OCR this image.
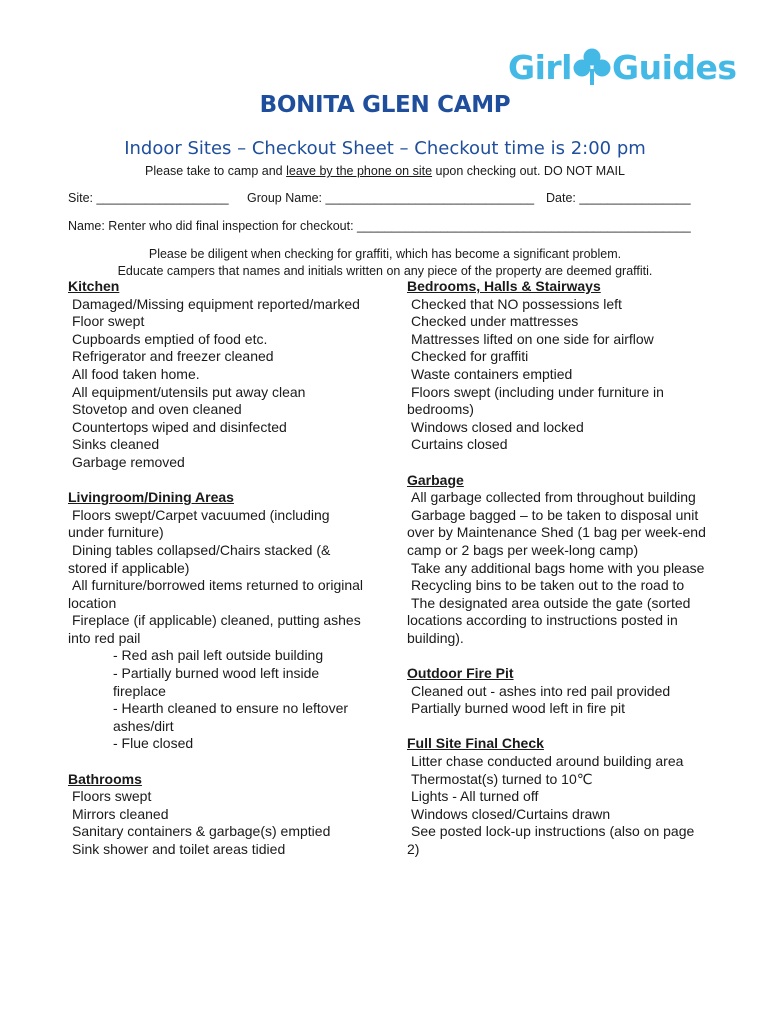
Girl Guides
BONITA GLEN CAMP
Indoor Sites – Checkout Sheet – Checkout time is 2:00 pm
Please take to camp and leave by the phone on site upon checking out. DO NOT MAIL
Site: ___________________ Group Name: ______________________________ Date: ________________
Name: Renter who did final inspection for checkout: ________________________________________________
Please be diligent when checking for graffiti, which has become a significant problem.
Educate campers that names and initials written on any piece of the property are deemed graffiti.
Kitchen
Damaged/Missing equipment reported/marked
Floor swept
Cupboards emptied of food etc.
Refrigerator and freezer cleaned
All food taken home.
All equipment/utensils put away clean
Stovetop and oven cleaned
Countertops wiped and disinfected
Sinks cleaned
Garbage removed
Livingroom/Dining Areas
Floors swept/Carpet vacuumed (including under furniture)
Dining tables collapsed/Chairs stacked (& stored if applicable)
All furniture/borrowed items returned to original location
Fireplace (if applicable) cleaned, putting ashes into red pail
- Red ash pail left outside building
- Partially burned wood left inside fireplace
- Hearth cleaned to ensure no leftover ashes/dirt
- Flue closed
Bathrooms
Floors swept
Mirrors cleaned
Sanitary containers & garbage(s) emptied
Sink shower and toilet areas tidied
Bedrooms, Halls & Stairways
Checked that NO possessions left
Checked under mattresses
Mattresses lifted on one side for airflow
Checked for graffiti
Waste containers emptied
Floors swept (including under furniture in bedrooms)
Windows closed and locked
Curtains closed
Garbage
All garbage collected from throughout building
Garbage bagged – to be taken to disposal unit over by Maintenance Shed (1 bag per week-end camp or 2 bags per week-long camp)
Take any additional bags home with you please
Recycling bins to be taken out to the road to
The designated area outside the gate (sorted locations according to instructions posted in building).
Outdoor Fire Pit
Cleaned out - ashes into red pail provided
Partially burned wood left in fire pit
Full Site Final Check
Litter chase conducted around building area
Thermostat(s) turned to 10℃
Lights - All turned off
Windows closed/Curtains drawn
See posted lock-up instructions (also on page 2)
